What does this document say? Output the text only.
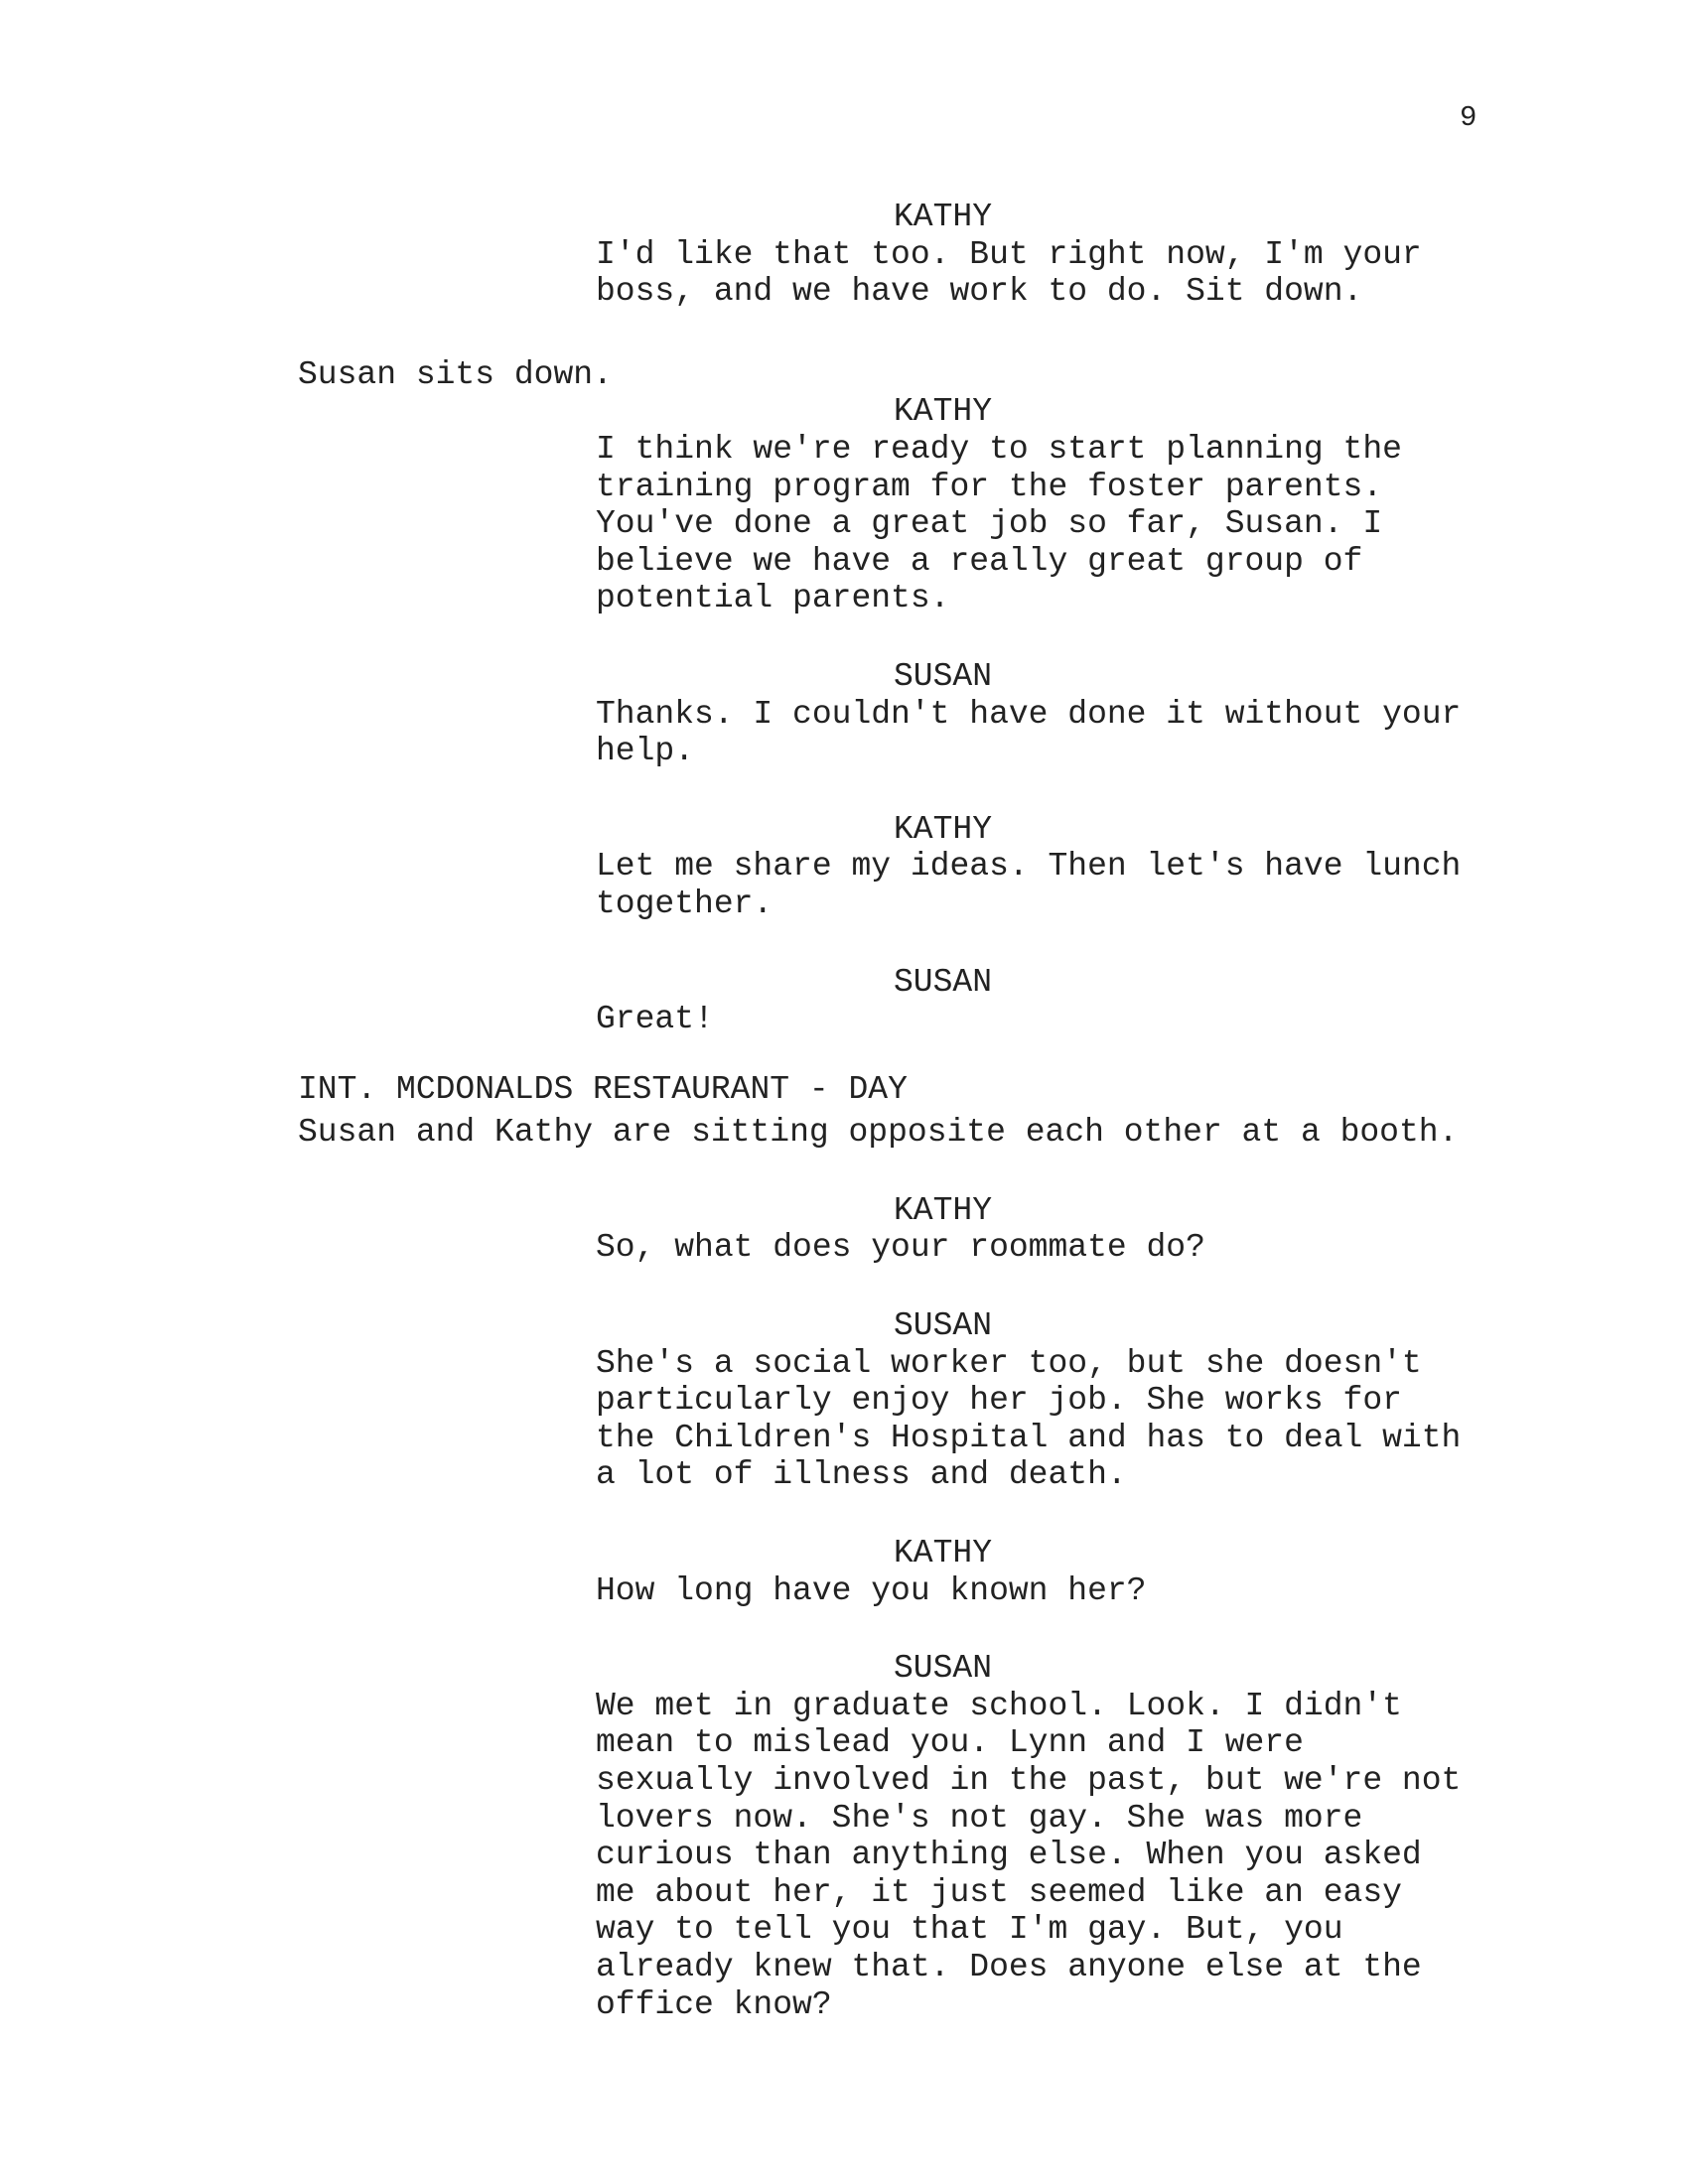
9
KATHY
I'd like that too. But right now, I'm your
boss, and we have work to do. Sit down.
Susan sits down.
KATHY
I think we're ready to start planning the
training program for the foster parents.
You've done a great job so far, Susan. I
believe we have a really great group of
potential parents.
SUSAN
Thanks. I couldn't have done it without your
help.
KATHY
Let me share my ideas. Then let's have lunch
together.
SUSAN
Great!
INT. MCDONALDS RESTAURANT - DAY
Susan and Kathy are sitting opposite each other at a booth.
KATHY
So, what does your roommate do?
SUSAN
She's a social worker too, but she doesn't
particularly enjoy her job. She works for
the Children's Hospital and has to deal with
a lot of illness and death.
KATHY
How long have you known her?
SUSAN
We met in graduate school. Look. I didn't
mean to mislead you. Lynn and I were
sexually involved in the past, but we're not
lovers now. She's not gay. She was more
curious than anything else. When you asked
me about her, it just seemed like an easy
way to tell you that I'm gay. But, you
already knew that. Does anyone else at the
office know?
